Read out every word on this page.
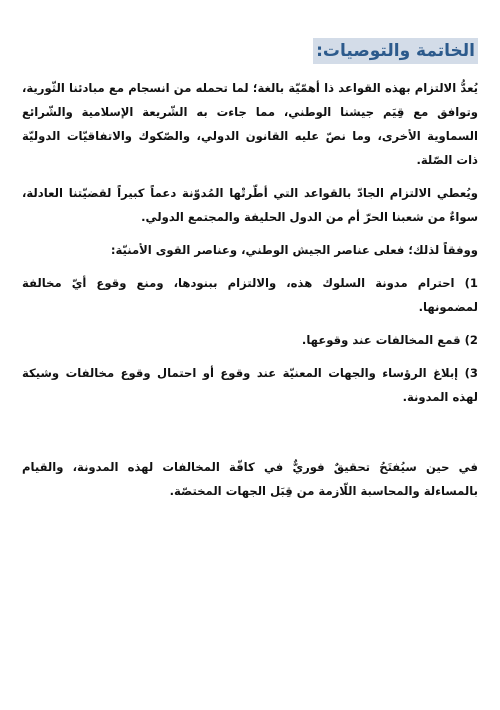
الخاتمة والتوصيات:

يُعدُّ الالتزام بهذه القواعد ذا أهمّيّة بالغة؛ لما تحمله من انسجام مع مبادئنا الثّورية، وتوافق مع قِيَم جيشنا الوطني، مما جاءت به الشّريعة الإسلامية والشّرائع السماوية الأخرى، وما نصّ عليه القانون الدولي، والصّكوك والاتفاقيّات الدوليّة ذات الصّلة.

ويُعطي الالتزام الجادّ بالقواعد التي أطّرتْها المُدوّنة دعماً كبيراً لقضيّتنا العادلة، سواءٌ من شعبنا الحرّ أم من الدول الحليفة والمجتمع الدولي.

ووفقاً لذلك؛ فعلى عناصر الجيش الوطني، وعناصر القوى الأمنيّة:

1) احترام مدونة السلوك هذه، والالتزام ببنودها، ومنع وقوع أيّ مخالفة لمضمونها.

2) قمع المخالفات عند وقوعها.

3) إبلاغ الرؤساء والجهات المعنيّة عند وقوع أو احتمال وقوع مخالفات وشيكة لهذه المدونة.

في حين سيُفتَحُ تحقيقٌ فوريٌّ في كافّة المخالفات لهذه المدونة، والقيام بالمساءلة والمحاسبة اللّازمة من قِبَل الجهات المختصّة.
